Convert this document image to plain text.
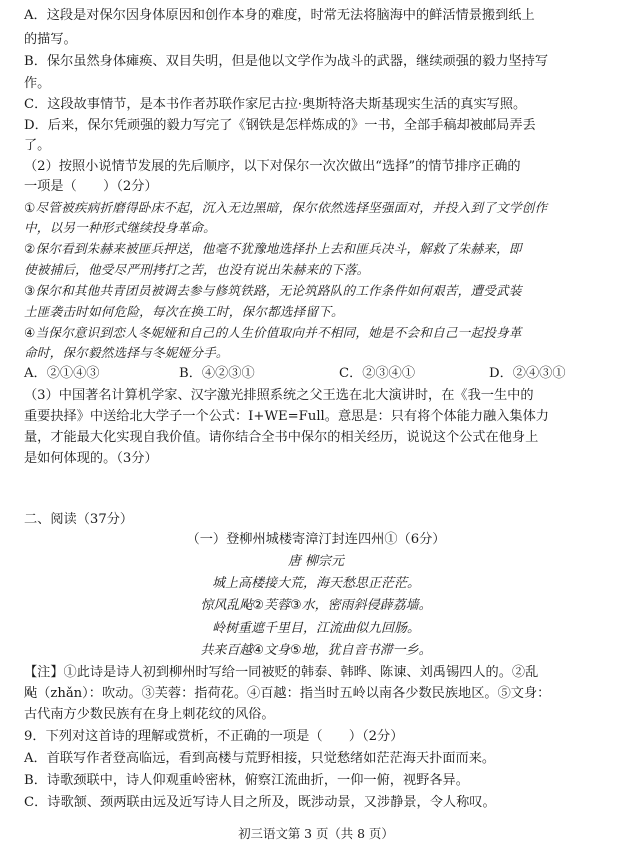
A．这段是对保尔因身体原因和创作本身的难度，时常无法将脑海中的鲜活情景搬到纸上
的描写。
B．保尔虽然身体瘫痪、双目失明，但是他以文学作为战斗的武器，继续顽强的毅力坚持写
作。
C．这段故事情节，是本书作者苏联作家尼古拉·奥斯特洛夫斯基现实生活的真实写照。
D．后来，保尔凭顽强的毅力写完了《钢铁是怎样炼成的》一书，全部手稿却被邮局弄丢
了。
（2）按照小说情节发展的先后顺序，以下对保尔一次次做出“选择”的情节排序正确的
一项是（　　）（2分）
①尽管被疾病折磨得卧床不起，沉入无边黑暗，保尔依然选择坚强面对，并投入到了文学创作
中，以另一种形式继续投身革命。
②保尔看到朱赫来被匪兵押送，他毫不犹豫地选择扑上去和匪兵决斗，解救了朱赫来，即
使被捕后，他受尽严刑拷打之苦，也没有说出朱赫来的下落。
③保尔和其他共青团员被调去参与修筑铁路，无论筑路队的工作条件如何艰苦，遭受武装
土匪袭击时如何危险，每次在换工时，保尔都选择留下。
④当保尔意识到恋人冬妮娅和自己的人生价值取向并不相同，她是不会和自己一起投身革
命时，保尔毅然选择与冬妮娅分手。
A．②①④③	B．④②③①	C．②③④①	D．②④③①
（3）中国著名计算机学家、汉字激光排照系统之父王选在北大演讲时，在《我一生中的
重要抉择》中送给北大学子一个公式：I+WE=Full。意思是：只有将个体能力融入集体力
量，才能最大化实现自我价值。请你结合全书中保尔的相关经历，说说这个公式在他身上
是如何体现的。（3分）
二、阅读（37分）
（一）登柳州城楼寄漳汀封连四州①（6分）
唐 柳宗元
城上高楼接大荒，海天愁思正茫茫。
惊风乱飐②芙蓉③水，密雨斜侵薜荔墙。
岭树重遮千里目，江流曲似九回肠。
共来百越④文身⑤地，犹自音书滞一乡。
【注】①此诗是诗人初到柳州时写给一同被贬的韩泰、韩晔、陈谏、刘禹锡四人的。②乱
飐（zhǎn）：吹动。③芙蓉：指荷花。④百越：指当时五岭以南各少数民族地区。⑤文身：
古代南方少数民族有在身上刺花纹的风俗。
9．下列对这首诗的理解或赏析，不正确的一项是（　　）（2分）
A．首联写作者登高临远，看到高楼与荒野相接，只觉愁绪如茫茫海天扑面而来。
B．诗歌颈联中，诗人仰观重岭密林，俯察江流曲折，一仰一俯，视野各异。
C．诗歌颔、颈两联由远及近写诗人目之所及，既涉动景，又涉静景，令人称叹。
初三语文第 3 页（共 8 页）
